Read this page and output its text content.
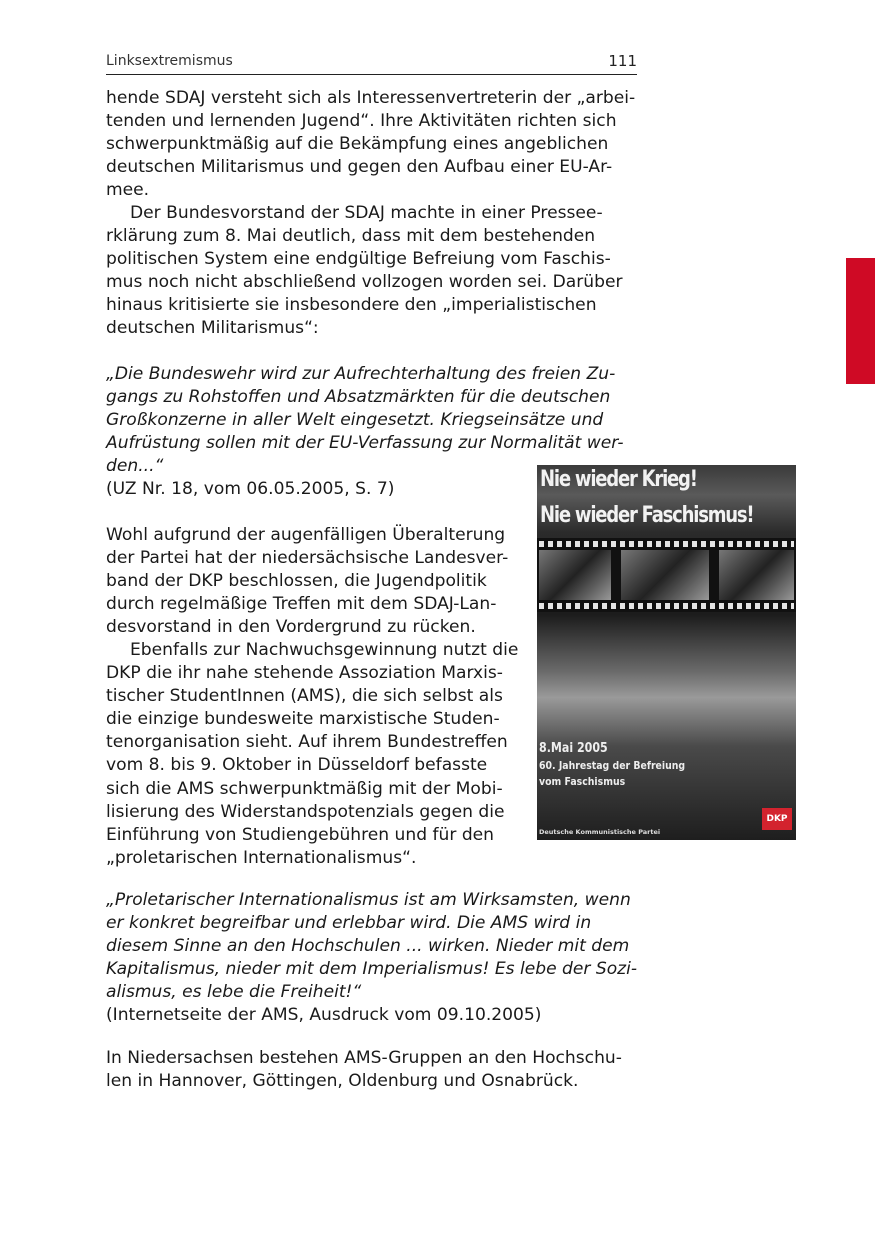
Linksextremismus	111
hende SDAJ versteht sich als Interessenvertreterin der „arbei-
tenden und lernenden Jugend“. Ihre Aktivitäten richten sich
schwerpunktmäßig auf die Bekämpfung eines angeblichen
deutschen Militarismus und gegen den Aufbau einer EU-Ar-
mee.
Der Bundesvorstand der SDAJ machte in einer Pressee-
rklärung zum 8. Mai deutlich, dass mit dem bestehenden
politischen System eine endgültige Befreiung vom Faschis-
mus noch nicht abschließend vollzogen worden sei. Darüber
hinaus kritisierte sie insbesondere den „imperialistischen
deutschen Militarismus“:
„Die Bundeswehr wird zur Aufrechterhaltung des freien Zu-
gangs zu Rohstoffen und Absatzmärkten für die deutschen
Großkonzerne in aller Welt eingesetzt. Kriegseinsätze und
Aufrüstung sollen mit der EU-Verfassung zur Normalität wer-
den...“
(UZ Nr. 18, vom 06.05.2005, S. 7)
Wohl aufgrund der augenfälligen Überalterung
der Partei hat der niedersächsische Landesver-
band der DKP beschlossen, die Jugendpolitik
durch regelmäßige Treffen mit dem SDAJ-Lan-
desvorstand in den Vordergrund zu rücken.
Ebenfalls zur Nachwuchsgewinnung nutzt die
DKP die ihr nahe stehende Assoziation Marxis-
tischer StudentInnen (AMS), die sich selbst als
die einzige bundesweite marxistische Studen-
tenorganisation sieht. Auf ihrem Bundestreffen
vom 8. bis 9. Oktober in Düsseldorf befasste
sich die AMS schwerpunktmäßig mit der Mobi-
lisierung des Widerstandspotenzials gegen die
Einführung von Studiengebühren und für den
„proletarischen Internationalismus“.
„Proletarischer Internationalismus ist am Wirksamsten, wenn
er konkret begreifbar und erlebbar wird. Die AMS wird in
diesem Sinne an den Hochschulen ... wirken. Nieder mit dem
Kapitalismus, nieder mit dem Imperialismus! Es lebe der Sozi-
alismus, es lebe die Freiheit!“
(Internetseite der AMS, Ausdruck vom 09.10.2005)
In Niedersachsen bestehen AMS-Gruppen an den Hochschu-
len in Hannover, Göttingen, Oldenburg und Osnabrück.
Nie wieder Krieg!
Nie wieder Faschismus!
8.Mai 2005
60. Jahrestag der Befreiung
vom Faschismus
Deutsche Kommunistische Partei
DKP
